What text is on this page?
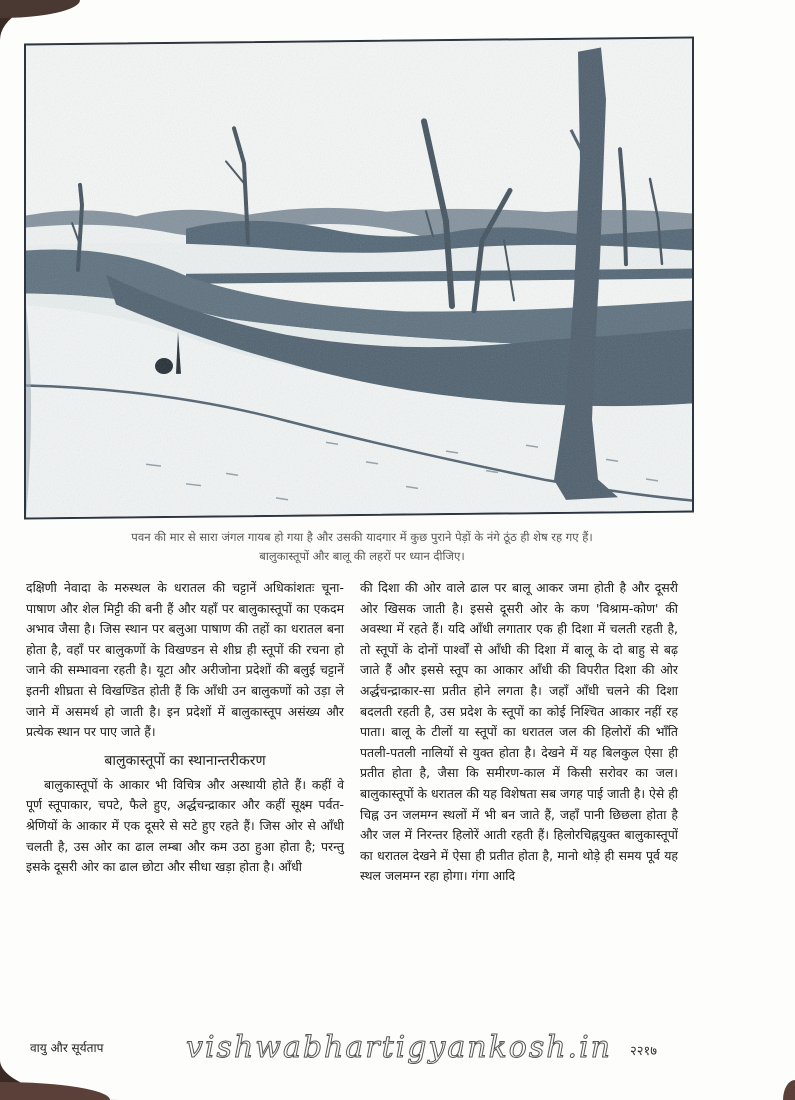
पवन की मार से सारा जंगल गायब हो गया है और उसकी यादगार में कुछ पुराने पेड़ों के नंगे ठूंठ ही शेष रह गए हैं।
बालुकास्तूपों और बालू की लहरों पर ध्यान दीजिए।

दक्षिणी नेवादा के मरुस्थल के धरातल की चट्टानें अधिकांशतः चूना-पाषाण और शेल मिट्टी की बनी हैं और यहाँ पर बालुकास्तूपों का एकदम अभाव जैसा है। जिस स्थान पर बलुआ पाषाण की तहों का धरातल बना होता है, वहाँ पर बालुकणों के विखण्डन से शीघ्र ही स्तूपों की रचना हो जाने की सम्भावना रहती है। यूटा और अरीजोना प्रदेशों की बलुई चट्टानें इतनी शीघ्रता से विखण्डित होती हैं कि आँधी उन बालुकणों को उड़ा ले जाने में असमर्थ हो जाती है। इन प्रदेशों में बालुकास्तूप असंख्य और प्रत्येक स्थान पर पाए जाते हैं।

बालुकास्तूपों का स्थानान्तरीकरण

बालुकास्तूपों के आकार भी विचित्र और अस्थायी होते हैं। कहीं वे पूर्ण स्तूपाकार, चपटे, फैले हुए, अर्द्धचन्द्राकार और कहीं सूक्ष्म पर्वत-श्रेणियों के आकार में एक दूसरे से सटे हुए रहते हैं। जिस ओर से आँधी चलती है, उस ओर का ढाल लम्बा और कम उठा हुआ होता है; परन्तु इसके दूसरी ओर का ढाल छोटा और सीधा खड़ा होता है। आँधी

की दिशा की ओर वाले ढाल पर बालू आकर जमा होती है और दूसरी ओर खिसक जाती है। इससे दूसरी ओर के कण 'विश्राम-कोण' की अवस्था में रहते हैं। यदि आँधी लगातार एक ही दिशा में चलती रहती है, तो स्तूपों के दोनों पार्श्वों से आँधी की दिशा में बालू के दो बाहु से बढ़ जाते हैं और इससे स्तूप का आकार आँधी की विपरीत दिशा की ओर अर्द्धचन्द्राकार-सा प्रतीत होने लगता है। जहाँ आँधी चलने की दिशा बदलती रहती है, उस प्रदेश के स्तूपों का कोई निश्चित आकार नहीं रह पाता। बालू के टीलों या स्तूपों का धरातल जल की हिलोरों की भाँति पतली-पतली नालियों से युक्त होता है। देखने में यह बिलकुल ऐसा ही प्रतीत होता है, जैसा कि समीरण-काल में किसी सरोवर का जल। बालुकास्तूपों के धरातल की यह विशेषता सब जगह पाई जाती है। ऐसे ही चिह्न उन जलमग्न स्थलों में भी बन जाते हैं, जहाँ पानी छिछला होता है और जल में निरन्तर हिलोरें आती रहती हैं। हिलोरचिह्नयुक्त बालुकास्तूपों का धरातल देखने में ऐसा ही प्रतीत होता है, मानो थोड़े ही समय पूर्व यह स्थल जलमग्न रहा होगा। गंगा आदि

वायु और सूर्यताप	vishwabhartigyankosh.in २२१७
